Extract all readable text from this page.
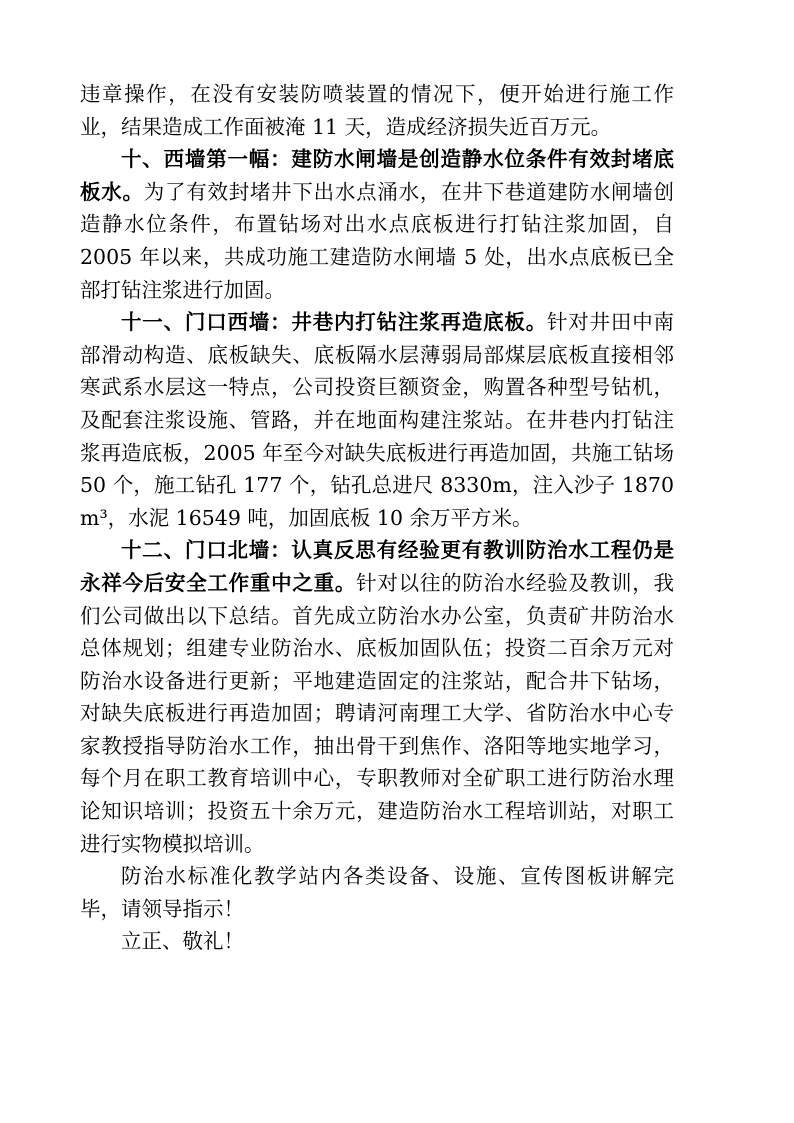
违章操作，在没有安装防喷装置的情况下，便开始进行施工作业，结果造成工作面被淹 11 天，造成经济损失近百万元。

十、西墙第一幅：建防水闸墙是创造静水位条件有效封堵底板水。为了有效封堵井下出水点涌水，在井下巷道建防水闸墙创造静水位条件，布置钻场对出水点底板进行打钻注浆加固，自 2005 年以来，共成功施工建造防水闸墙 5 处，出水点底板已全部打钻注浆进行加固。

十一、门口西墙：井巷内打钻注浆再造底板。针对井田中南部滑动构造、底板缺失、底板隔水层薄弱局部煤层底板直接相邻寒武系水层这一特点，公司投资巨额资金，购置各种型号钻机，及配套注浆设施、管路，并在地面构建注浆站。在井巷内打钻注浆再造底板，2005 年至今对缺失底板进行再造加固，共施工钻场 50 个，施工钻孔 177 个，钻孔总进尺 8330m，注入沙子 1870 m³，水泥 16549 吨，加固底板 10 余万平方米。

十二、门口北墙：认真反思有经验更有教训防治水工程仍是永祥今后安全工作重中之重。针对以往的防治水经验及教训，我们公司做出以下总结。首先成立防治水办公室，负责矿井防治水总体规划；组建专业防治水、底板加固队伍；投资二百余万元对防治水设备进行更新；平地建造固定的注浆站，配合井下钻场，对缺失底板进行再造加固；聘请河南理工大学、省防治水中心专家教授指导防治水工作，抽出骨干到焦作、洛阳等地实地学习，每个月在职工教育培训中心，专职教师对全矿职工进行防治水理论知识培训；投资五十余万元，建造防治水工程培训站，对职工进行实物模拟培训。

防治水标准化教学站内各类设备、设施、宣传图板讲解完毕，请领导指示！

立正、敬礼！
